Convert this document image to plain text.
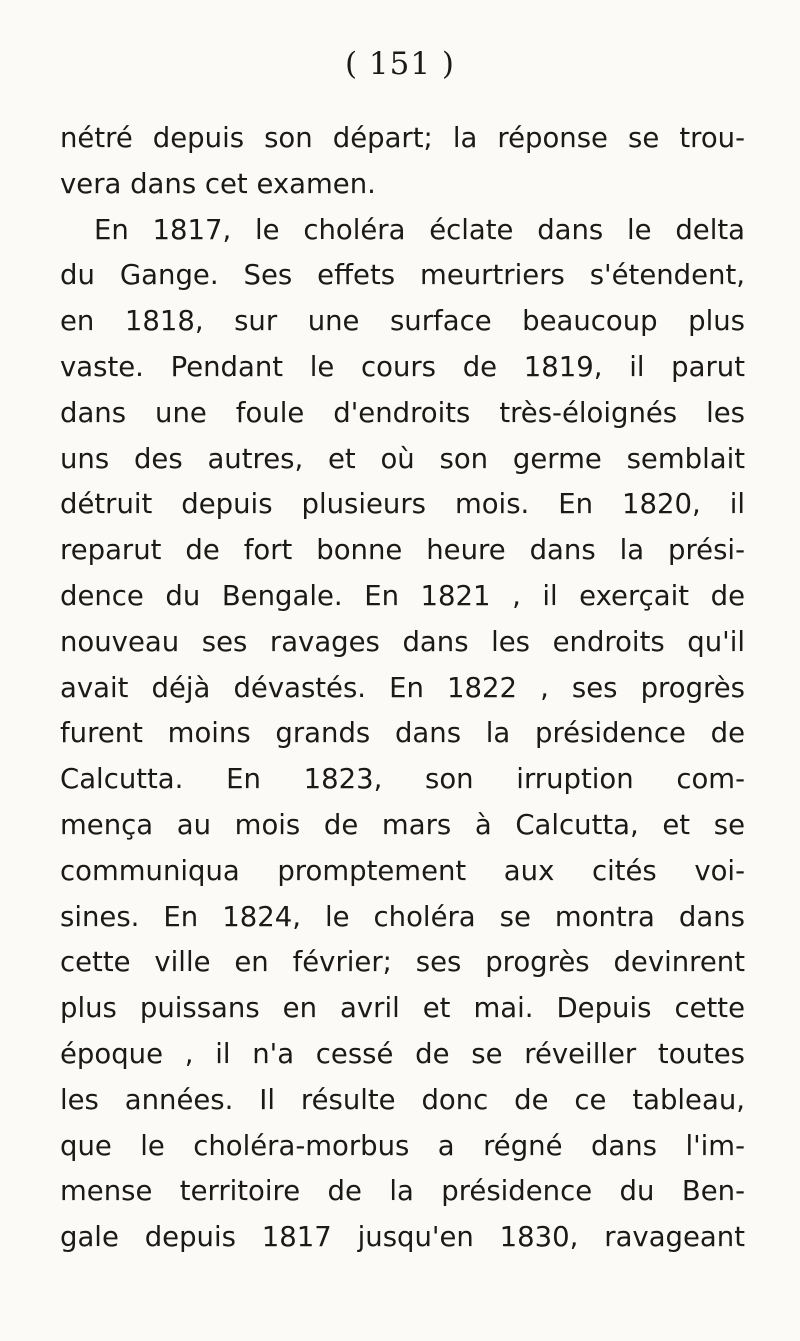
( 151 )
nétré depuis son départ; la réponse se trou-
vera dans cet examen.
En 1817, le choléra éclate dans le delta
du Gange. Ses effets meurtriers s'étendent,
en 1818, sur une surface beaucoup plus
vaste. Pendant le cours de 1819, il parut
dans une foule d'endroits très-éloignés les
uns des autres, et où son germe semblait
détruit depuis plusieurs mois. En 1820, il
reparut de fort bonne heure dans la prési-
dence du Bengale. En 1821 , il exerçait de
nouveau ses ravages dans les endroits qu'il
avait déjà dévastés. En 1822 , ses progrès
furent moins grands dans la présidence de
Calcutta. En 1823, son irruption com-
mença au mois de mars à Calcutta, et se
communiqua promptement aux cités voi-
sines. En 1824, le choléra se montra dans
cette ville en février; ses progrès devinrent
plus puissans en avril et mai. Depuis cette
époque , il n'a cessé de se réveiller toutes
les années. Il résulte donc de ce tableau,
que le choléra-morbus a régné dans l'im-
mense territoire de la présidence du Ben-
gale depuis 1817 jusqu'en 1830, ravageant
